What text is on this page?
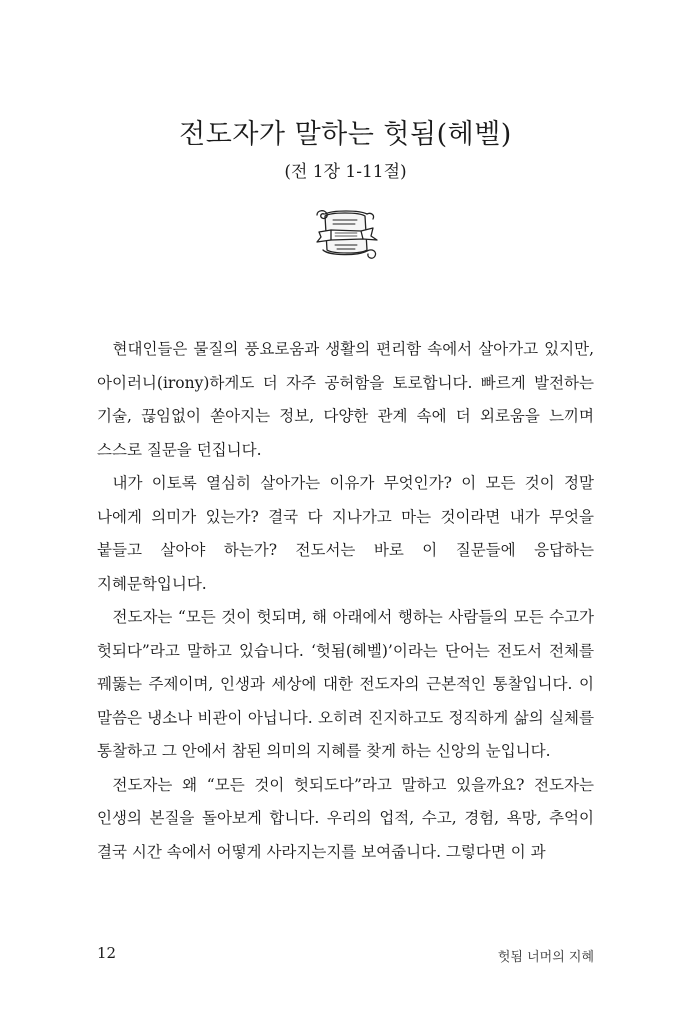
전도자가 말하는 헛됨(헤벨)

(전 1장 1-11절)

현대인들은 물질의 풍요로움과 생활의 편리함 속에서 살아가고 있지만, 아이러니(irony)하게도 더 자주 공허함을 토로합니다. 빠르게 발전하는 기술, 끊임없이 쏟아지는 정보, 다양한 관계 속에 더 외로움을 느끼며 스스로 질문을 던집니다.

내가 이토록 열심히 살아가는 이유가 무엇인가? 이 모든 것이 정말 나에게 의미가 있는가? 결국 다 지나가고 마는 것이라면 내가 무엇을 붙들고 살아야 하는가? 전도서는 바로 이 질문들에 응답하는 지혜문학입니다.

전도자는 “모든 것이 헛되며, 해 아래에서 행하는 사람들의 모든 수고가 헛되다”라고 말하고 있습니다. ‘헛됨(헤벨)’이라는 단어는 전도서 전체를 꿰뚫는 주제이며, 인생과 세상에 대한 전도자의 근본적인 통찰입니다. 이 말씀은 냉소나 비관이 아닙니다. 오히려 진지하고도 정직하게 삶의 실체를 통찰하고 그 안에서 참된 의미의 지혜를 찾게 하는 신앙의 눈입니다.

전도자는 왜 “모든 것이 헛되도다”라고 말하고 있을까요? 전도자는 인생의 본질을 돌아보게 합니다. 우리의 업적, 수고, 경험, 욕망, 추억이 결국 시간 속에서 어떻게 사라지는지를 보여줍니다. 그렇다면 이 과

12	헛됨 너머의 지혜
